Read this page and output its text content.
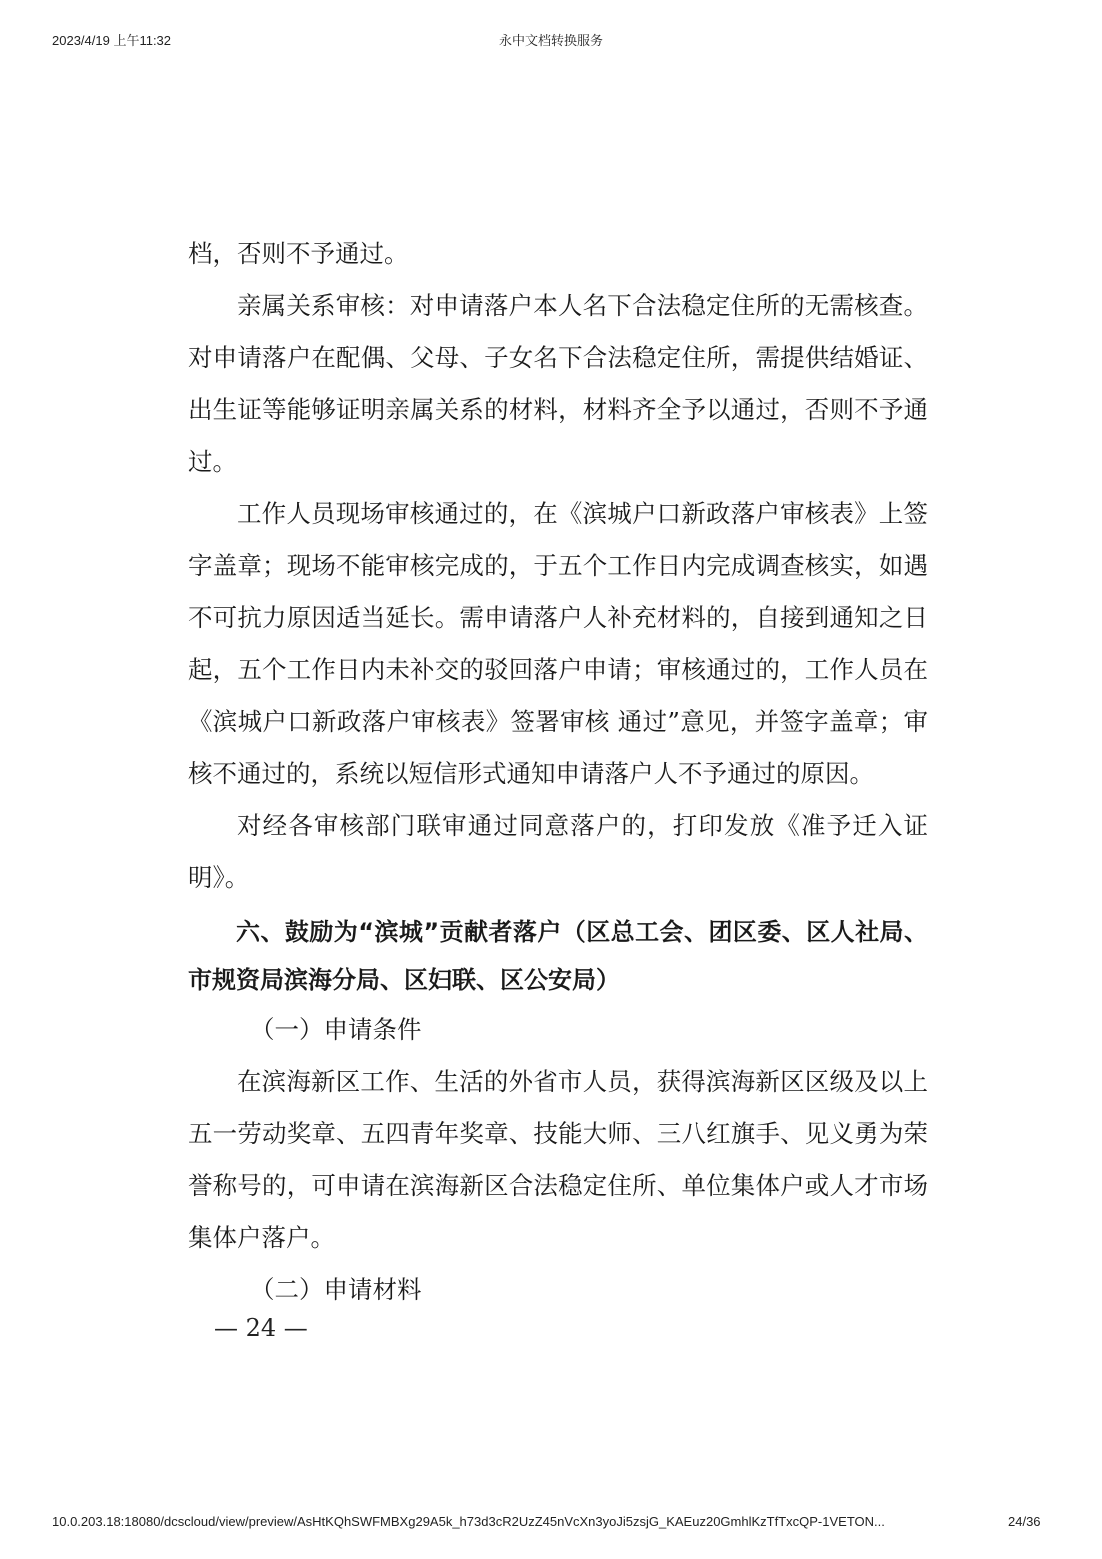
2023/4/19 上午11:32	永中文档转换服务

档，否则不予通过。

亲属关系审核：对申请落户本人名下合法稳定住所的无需核查。对申请落户在配偶、父母、子女名下合法稳定住所，需提供结婚证、出生证等能够证明亲属关系的材料，材料齐全予以通过，否则不予通过。

工作人员现场审核通过的，在《滨城户口新政落户审核表》上签字盖章；现场不能审核完成的，于五个工作日内完成调查核实，如遇不可抗力原因适当延长。需申请落户人补充材料的，自接到通知之日起，五个工作日内未补交的驳回落户申请；审核通过的，工作人员在《滨城户口新政落户审核表》签署审核 通过”意见，并签字盖章；审核不通过的，系统以短信形式通知申请落户人不予通过的原因。

对经各审核部门联审通过同意落户的，打印发放《准予迁入证明》。

六、鼓励为“滨城”贡献者落户（区总工会、团区委、区人社局、市规资局滨海分局、区妇联、区公安局）

（一）申请条件

在滨海新区工作、生活的外省市人员，获得滨海新区区级及以上五一劳动奖章、五四青年奖章、技能大师、三八红旗手、见义勇为荣誉称号的，可申请在滨海新区合法稳定住所、单位集体户或人才市场集体户落户。

（二）申请材料

— 24 —
10.0.203.18:18080/dcscloud/view/preview/AsHtKQhSWFMBXg29A5k_h73d3cR2UzZ45nVcXn3yoJi5zsjG_KAEuz20GmhlKzTfTxcQP-1VETON...	24/36
